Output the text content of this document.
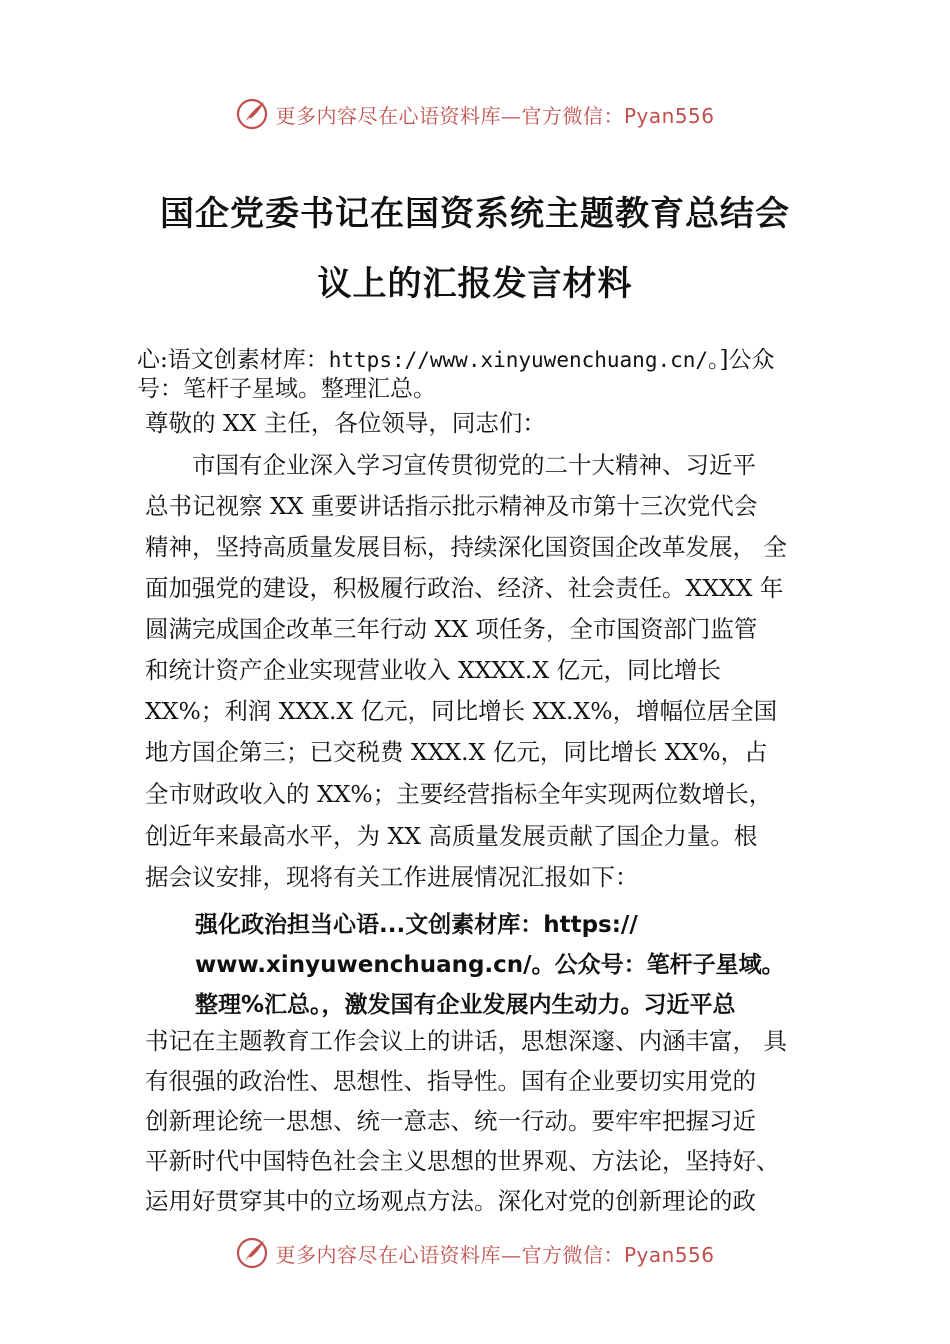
更多内容尽在心语资料库—官方微信：Pyan556
国企党委书记在国资系统主题教育总结会
议上的汇报发言材料
心:语文创素材库：https://www.xinyuwenchuang.cn/。]公众
号：笔杆子星域。整理汇总。
尊敬的 XX 主任，各位领导，同志们：
　　市国有企业深入学习宣传贯彻党的二十大精神、习近平
总书记视察 XX 重要讲话指示批示精神及市第十三次党代会
精神，坚持高质量发展目标，持续深化国资国企改革发展， 全
面加强党的建设，积极履行政治、经济、社会责任。XXXX 年
圆满完成国企改革三年行动 XX 项任务，全市国资部门监管
和统计资产企业实现营业收入 XXXX.X 亿元，同比增长
XX%；利润 XXX.X 亿元，同比增长 XX.X%，增幅位居全国
地方国企第三；已交税费 XXX.X 亿元，同比增长 XX%，占
全市财政收入的 XX%；主要经营指标全年实现两位数增长，
创近年来最高水平，为 XX 高质量发展贡献了国企力量。根
据会议安排，现将有关工作进展情况汇报如下：
强化政治担当心语...文创素材库：https://
www.xinyuwenchuang.cn/。公众号：笔杆子星域。
整理%汇总。，激发国有企业发展内生动力。习近平总
书记在主题教育工作会议上的讲话，思想深邃、内涵丰富， 具
有很强的政治性、思想性、指导性。国有企业要切实用党的
创新理论统一思想、统一意志、统一行动。要牢牢把握习近
平新时代中国特色社会主义思想的世界观、方法论，坚持好、
运用好贯穿其中的立场观点方法。深化对党的创新理论的政
更多内容尽在心语资料库—官方微信：Pyan556
